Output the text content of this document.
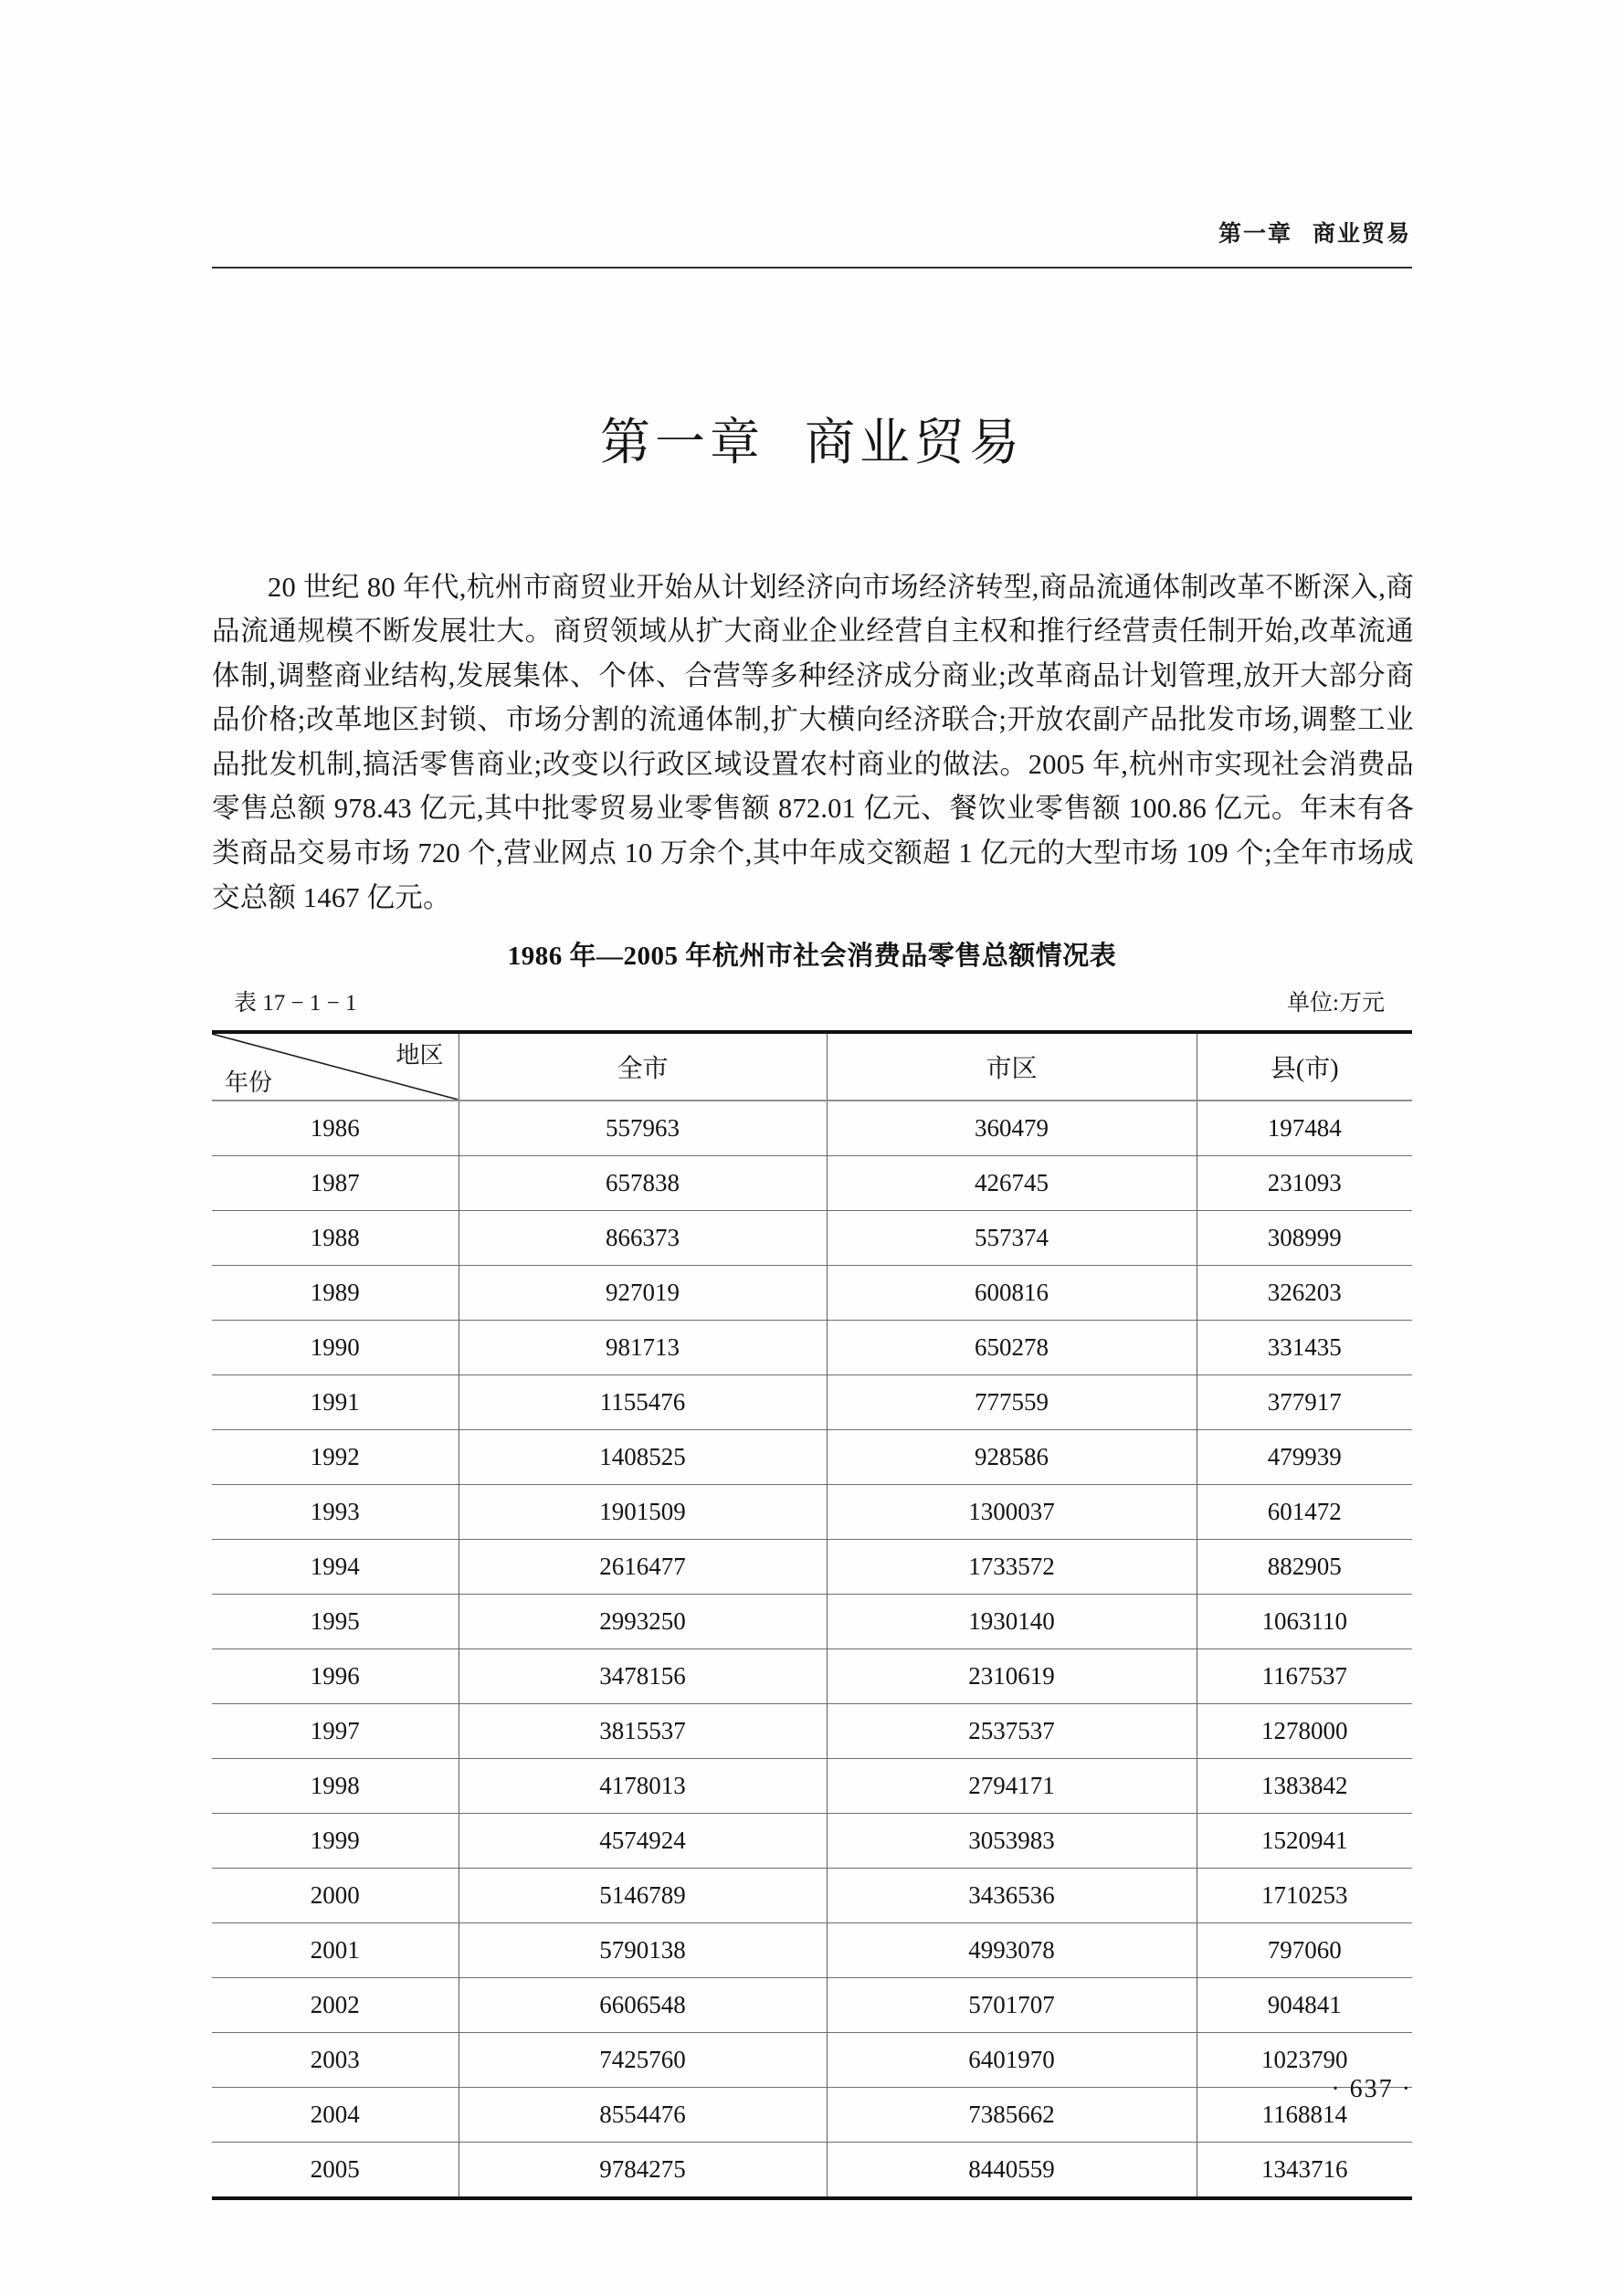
第一章 商业贸易
第一章 商业贸易

20 世纪 80 年代,杭州市商贸业开始从计划经济向市场经济转型,商品流通体制改革不断深入,商品流通规模不断发展壮大。商贸领域从扩大商业企业经营自主权和推行经营责任制开始,改革流通体制,调整商业结构,发展集体、个体、合营等多种经济成分商业;改革商品计划管理,放开大部分商品价格;改革地区封锁、市场分割的流通体制,扩大横向经济联合;开放农副产品批发市场,调整工业品批发机制,搞活零售商业;改变以行政区域设置农村商业的做法。2005 年,杭州市实现社会消费品零售总额 978.43 亿元,其中批零贸易业零售额 872.01 亿元、餐饮业零售额 100.86 亿元。年末有各类商品交易市场 720 个,营业网点 10 万余个,其中年成交额超 1 亿元的大型市场 109 个;全年市场成交总额 1467 亿元。

1986 年—2005 年杭州市社会消费品零售总额情况表
表 17 − 1 − 1	单位:万元
地区
年份	全市	市区	县(市)
1986	557963	360479	197484
1987	657838	426745	231093
1988	866373	557374	308999
1989	927019	600816	326203
1990	981713	650278	331435
1991	1155476	777559	377917
1992	1408525	928586	479939
1993	1901509	1300037	601472
1994	2616477	1733572	882905
1995	2993250	1930140	1063110
1996	3478156	2310619	1167537
1997	3815537	2537537	1278000
1998	4178013	2794171	1383842
1999	4574924	3053983	1520941
2000	5146789	3436536	1710253
2001	5790138	4993078	797060
2002	6606548	5701707	904841
2003	7425760	6401970	1023790
2004	8554476	7385662	1168814
2005	9784275	8440559	1343716
· 637 ·
